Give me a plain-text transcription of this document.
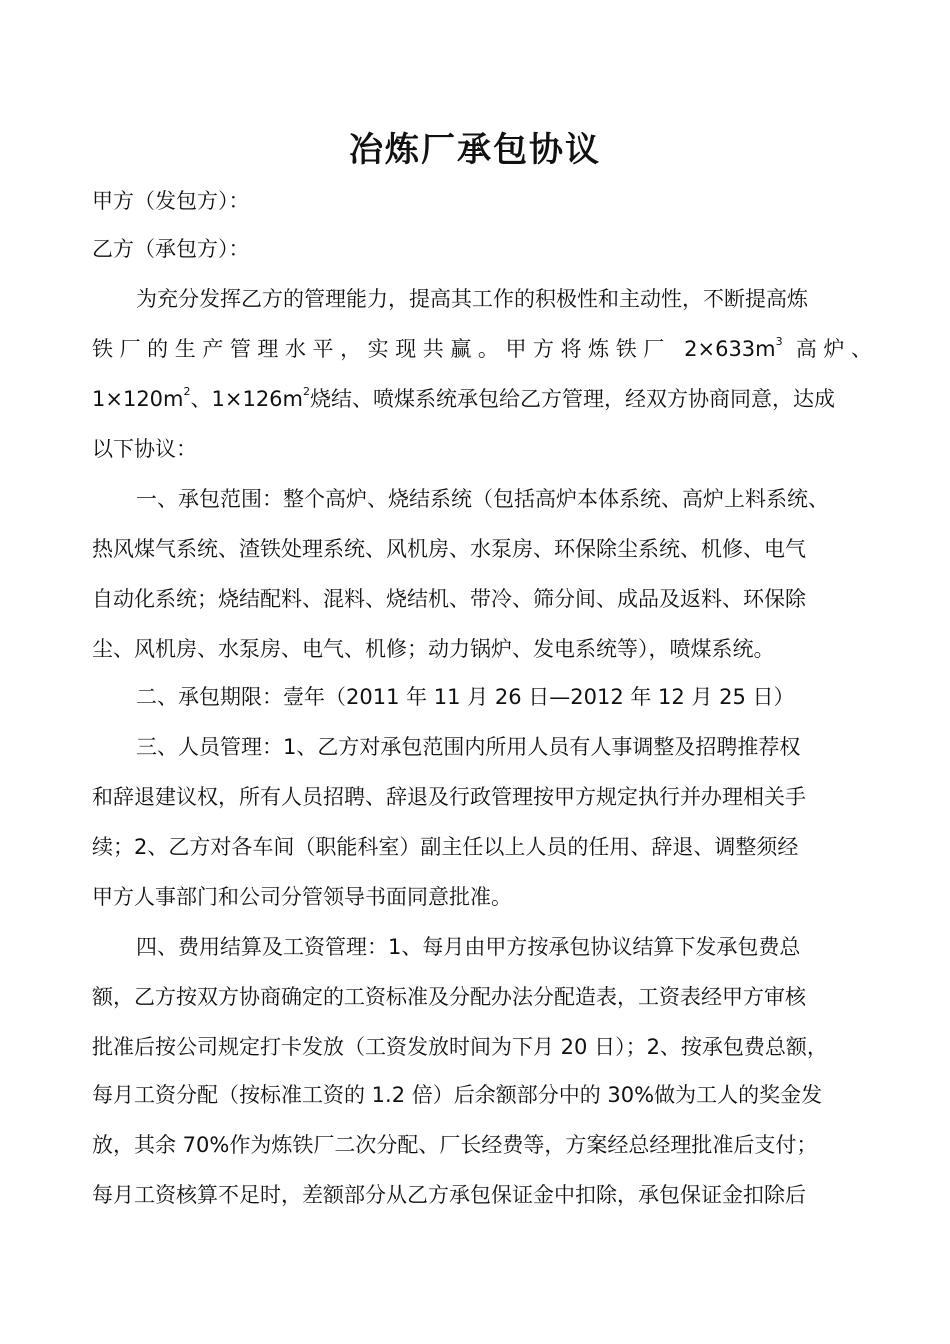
冶炼厂承包协议
甲方（发包方）：
乙方（承包方）：
为充分发挥乙方的管理能力，提高其工作的积极性和主动性，不断提高炼
铁厂的生产管理水平，实现共赢。甲方将炼铁厂 $2\times 633m^3$ 高炉、
$1\times 120m^2$、$1\times 126m^2$烧结、喷煤系统承包给乙方管理，经双方协商同意，达成
以下协议：
一、承包范围：整个高炉、烧结系统（包括高炉本体系统、高炉上料系统、
热风煤气系统、渣铁处理系统、风机房、水泵房、环保除尘系统、机修、电气
自动化系统；烧结配料、混料、烧结机、带冷、筛分间、成品及返料、环保除
尘、风机房、水泵房、电气、机修；动力锅炉、发电系统等），喷煤系统。
二、承包期限：壹年（2011 年 11 月 26 日—2012 年 12 月 25 日）
三、人员管理：1、乙方对承包范围内所用人员有人事调整及招聘推荐权
和辞退建议权，所有人员招聘、辞退及行政管理按甲方规定执行并办理相关手
续；2、乙方对各车间（职能科室）副主任以上人员的任用、辞退、调整须经
甲方人事部门和公司分管领导书面同意批准。
四、费用结算及工资管理：1、每月由甲方按承包协议结算下发承包费总
额，乙方按双方协商确定的工资标准及分配办法分配造表，工资表经甲方审核
批准后按公司规定打卡发放（工资发放时间为下月 20 日）；2、按承包费总额，
每月工资分配（按标准工资的 1.2 倍）后余额部分中的 30%做为工人的奖金发
放，其余 70%作为炼铁厂二次分配、厂长经费等，方案经总经理批准后支付；
每月工资核算不足时，差额部分从乙方承包保证金中扣除，承包保证金扣除后
